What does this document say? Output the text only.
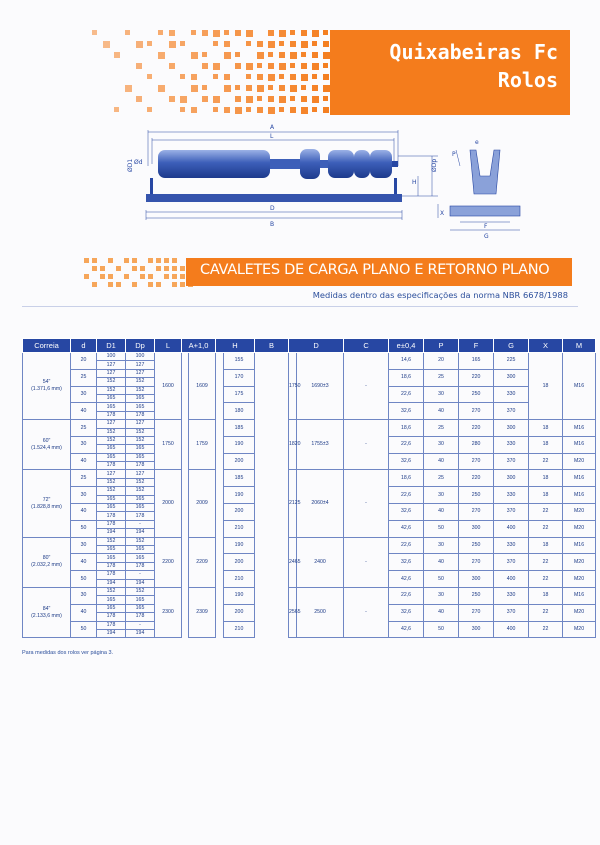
Quixabeiras Fc
Rolos
A
L
D
B
ØD1 Ød	ØDp
H
X
F
G
P
e
CAVALETES DE CARGA PLANO E RETORNO PLANO
Medidas dentro das especificações da norma NBR 6678/1988
Correia	d	D1	Dp	L	A+1,0		H		B	D		C	e±0,4	P	F	G	X	M

54"
(1.371,6 mm)	20	100	100	1600		1609		155		1750	1690±3	-	14,6	20	165	225	18	M16
		127	127															
	25	127	127					170					18,6	25	220	300		
		152	152															
	30	152	152					175					22,6	30	250	330		
		165	165															
	40	165	165					180					32,6	40	270	370		
		178	178															

60"
(1.524,4 mm)	25	127	127	1750		1759		185		1820	1755±3	-	18,6	25	220	300	18	M16
		152	152															
	30	152	152					190					22,6	30	280	330	18	M16
		165	165															
	40	165	165					200					32,6	40	270	370	22	M20
		178	178															

72"
(1.828,8 mm)	25	127	127	2000		2009		185		2125	2060±4	-	18,6	25	220	300	18	M16
		152	152															
	30	152	152					190					22,6	30	250	330	18	M16
		165	165															
	40	165	165					200					32,6	40	270	370	22	M20
		178	178															
	50	178	-					210					42,6	50	300	400	22	M20
		194	194															

80"
(2.032,2 mm)	30	152	152	2200		2209		190		2465	2400	-	22,6	30	250	330	18	M16
		165	165															
	40	165	165					200					32,6	40	270	370	22	M20
		178	178															
	50	178	-					210					42,6	50	300	400	22	M20
		194	194															

84"
(2.133,6 mm)	30	152	152	2300		2309		190		2565	2500	-	22,6	30	250	330	18	M16
		165	165															
	40	165	165					200					32,6	40	270	370	22	M20
		178	178															
	50	178	-					210					42,6	50	300	400	22	M20
		194	194															
Para medidas dos rolos ver página 3.
